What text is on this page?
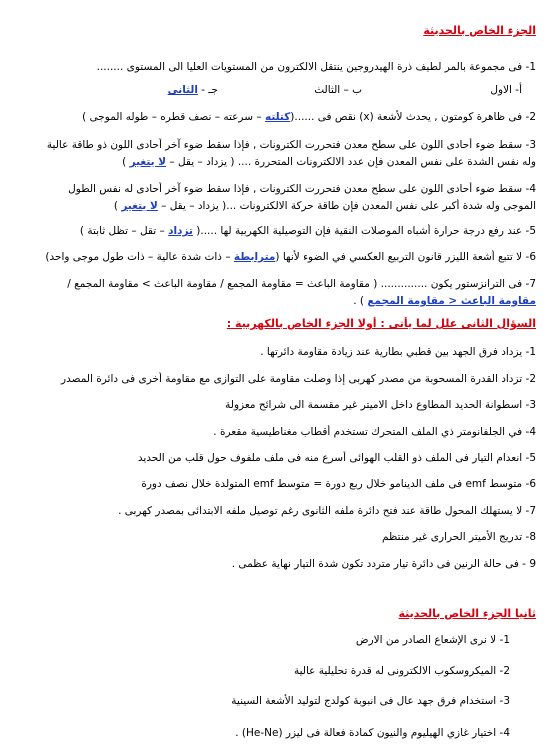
الجزء الخاص بالحديثة
1- فى مجموعة بالمر لطيف ذرة الهيدروجين ينتقل الالكترون من المستويات العليا الى المستوى ........
أ- الاول
ب – الثالث
جـ - الثانى
2- فى ظاهرة كومتون , يحدث لأشعة (x) نقص فى ......(كتلته – سرعته – نصف قطره – طوله الموجى )
3- سقط ضوء أحادى اللون على سطح معدن فتحررت الكترونات , فإذا سقط ضوء آخر أحادى اللون ذو طاقة عالية
وله نفس الشدة على نفس المعدن فإن عدد الالكترونات المتحررة .... ( يزداد – يقل – لا يتغير )
4- سقط ضوء أحادى اللون على سطح معدن فتحررت الكترونات , فإذا سقط ضوء آخر أحادى له نفس الطول
الموجى وله شدة أكبر على نفس المعدن فإن طاقة حركة الالكترونات ...( يزداد – يقل – لا يتغير )
5- عند رفع درجة حرارة أشباه الموصلات النقية فإن التوصيلية الكهربية لها .....( تزداد – تقل – تظل ثابتة )
6- لا تتبع أشعة الليزر قانون التربيع العكسي في الضوء لأنها (مترابطة – ذات شدة عالية – ذات طول موجى واحد)
7- فى الترانزستور يكون .............. ( مقاومة الباعث = مقاومة المجمع / مقاومة الباعث > مقاومة المجمع /
مقاومة الباعث < مقاومة المجمع ) .
السؤال الثانى علل لما يأتى : أولا الجزء الخاص بالكهربية :
1- يزداد فرق الجهد بين قطبي بطارية عند زيادة مقاومة دائرتها .
2- تزداد القدرة المسحوبة من مصدر كهربى إذا وصلت مقاومة على التوازى مع مقاومة أخرى فى دائرة المصدر
3- اسطوانة الحديد المطاوع داخل الاميتر غير مقسمة الى شرائح معزولة
4- في الجلفانومتر ذي الملف المتحرك تستخدم أقطاب مغناطيسية مقعرة .
5- انعدام التيار فى الملف ذو القلب الهوائى أسرع منه فى ملف ملفوف حول قلب من الحديد
6- متوسط emf فى ملف الدينامو خلال ربع دورة = متوسط emf المتولدة خلال نصف دورة
7- لا يستهلك المحول طاقة عند فتح دائرة ملفه الثانوى رغم توصيل ملفه الابتدائى بمصدر كهربى .
8- تدريج الأميتر الحرارى غير منتظم
9 - فى حالة الرنين فى دائرة تيار متردد تكون شدة التيار نهاية عظمى .
ثانيا الجزء الخاص بالحديثة
1- لا نرى الإشعاع الصادر من الارض
2- الميكروسكوب الالكترونى له قدرة تحليلية عالية
3- استخدام فرق جهد عال فى انبوبة كولدج لتوليد الأشعة السينية
4- اختيار غازي الهيليوم والنيون كمادة فعالة فى ليزر (He-Ne) .
